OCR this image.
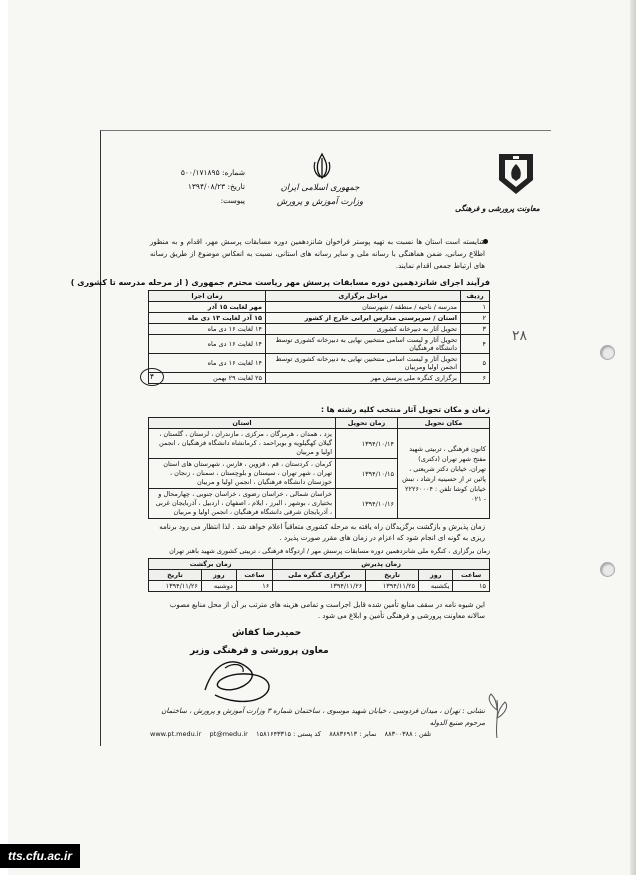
جمهوری اسلامی ایران
وزارت آموزش و پرورش
معاونت پرورشی و فرهنگی
شماره: ۵۰۰/۱۷۱۸۹۵
تاریخ: ۱۳۹۴/۰۸/۲۳
پیوست:
۲۸
شایسته است استان ها نسبت به تهیه پوستر فراخوان شانزدهمین دوره مسابقات پرسش مهر، اقدام و به منظور اطلاع رسانی، ضمن هماهنگی با رسانه ملی و سایر رسانه های استانی، نسبت به انعکاس موضوع از طریق رسانه های ارتباط جمعی اقدام نمایند.
فرآیند اجرای شانزدهمین دوره مسابقات پرسش مهر ریاست محترم جمهوری ( از مرحله مدرسه تا کشوری )
ردیف	مراحل برگزاری	زمان اجرا
۱	مدرسه / ناحیه / منطقه / شهرستان	مهر لغایت ۱۵ آذر
۲	استان / سرپرستی مدارس ایرانی خارج از کشور	۱۵ آذر لغایت ۱۳ دی ماه
۳	تحویل آثار به دبیرخانه کشوری	۱۴ لغایت ۱۶ دی ماه
۴	تحویل آثار و لیست اسامی منتخبین نهایی به دبیرخانه کشوری توسط دانشگاه فرهنگیان	۱۴ لغایت ۱۶ دی ماه
۵	تحویل آثار و لیست اسامی منتخبین نهایی به دبیرخانه کشوری توسط انجمن اولیا ومربیان	۱۴ لغایت ۱۶ دی ماه
۶	برگزاری کنگره ملی پرسش مهر	۲۵ لغایت ۲۹ بهمن
۴
زمان و مکان تحویل آثار منتخب کلیه رشته ها :
مکان تحویل	زمان تحویل	استان
کانون فرهنگی ، تربیتی شهید مفتح شهر تهران (دکتری) تهران، خیابان دکتر شریعتی ، پائین تر از حسینیه ارشاد ، نبش خیابان کوشا تلفن : ۲۲۲۶۰۰۰۴ - ۰۲۱	۱۳۹۴/۱۰/۱۴	یزد ، همدان ، هرمزگان ، مرکزی ، مازندران ، لرستان ، گلستان ، گیلان کهگیلویه و بویراحمد ، کرمانشاه دانشگاه فرهنگیان ، انجمن اولیا و مربیان
	۱۳۹۴/۱۰/۱۵	کرمان ، کردستان ، قم ، قزوین ، فارس ، شهرستان های استان تهران ، شهر تهران ، سیستان و بلوچستان ، سمنان ، زنجان ، خوزستان دانشگاه فرهنگیان ، انجمن اولیا و مربیان
	۱۳۹۴/۱۰/۱۶	خراسان شمالی ، خراسان رضوی ، خراسان جنوبی ، چهارمحال و بختیاری ، بوشهر ، البرز ، ایلام ، اصفهان ، اردبیل ، آذربایجان غربی ، آذربایجان شرقی دانشگاه فرهنگیان ، انجمن اولیا و مربیان
زمان پذیرش و بازگشت برگزیدگان راه یافته به مرحله کشوری متعاقباً اعلام خواهد شد . لذا انتظار می رود برنامه ریزی به گونه ای انجام شود که اعزام در زمان های مقرر صورت پذیرد .
زمان برگزاری ، کنگره ملی شانزدهمین دوره مسابقات پرسش مهر / اردوگاه فرهنگی ، تربیتی کشوری شهید باهنر تهران
زمان پذیرش				زمان برگشت		
ساعت	روز	تاریخ	برگزاری کنگره ملی	ساعت	روز	تاریخ
۱۵	یکشنبه	۱۳۹۴/۱۱/۲۵	۱۳۹۴/۱۱/۲۶	۱۶	دوشنبه	۱۳۹۴/۱۱/۲۶
این شیوه نامه در سقف منابع تأمین شده قابل اجراست و تمامی هزینه های مترتب بر آن از محل منابع مصوب سالانه معاونت پرورشی و فرهنگی تأمین و ابلاغ می شود .
حمیدرضا کفاش
معاون پرورشی و فرهنگی وزیر
نشانی : تهران ، میدان فردوسی ، خیابان شهید موسوی ، ساختمان شماره ۳ وزارت آموزش و پرورش ، ساختمان مرحوم صنیع الدوله
www.pt.medu.ir pt@medu.ir کد پستی : ۱۵۸۱۶۴۳۳۱۵ نمابر : ۸۸۸۳۶۹۱۳ تلفن : ۸۸۳۰۰۳۸۸
tts.cfu.ac.ir
